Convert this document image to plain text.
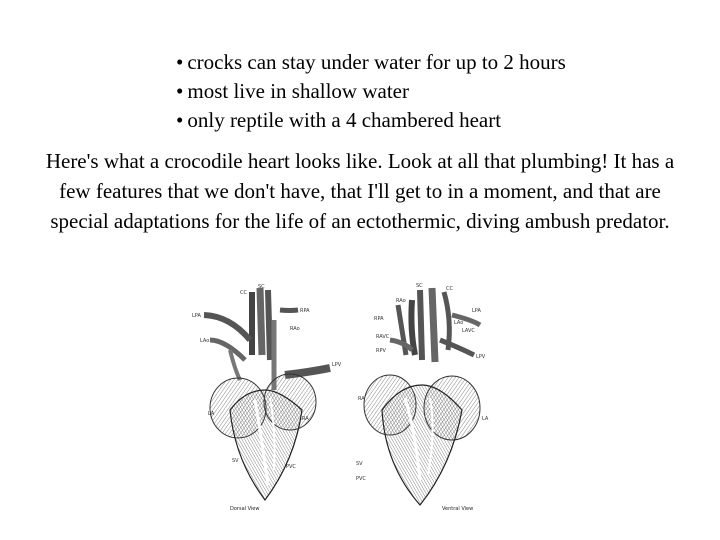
• crocks can stay under water for up to 2 hours
• most live in shallow water
• only reptile with a 4 chambered heart

Here's what a crocodile heart looks like. Look at all that plumbing! It has a few features that we don't have, that I'll get to in a moment, and that are special adaptations for the life of an ectothermic, diving ambush predator.

SC
CC
LPA
RPA
RAo
LAo
LPV
LA
RA
SV
PVC
Dorsal View
SC	CC
RAo
RPA
LPA
LAo
LAVC
RAVC
RPV
LPV
RA
LA
SV
PVC
Ventral View
